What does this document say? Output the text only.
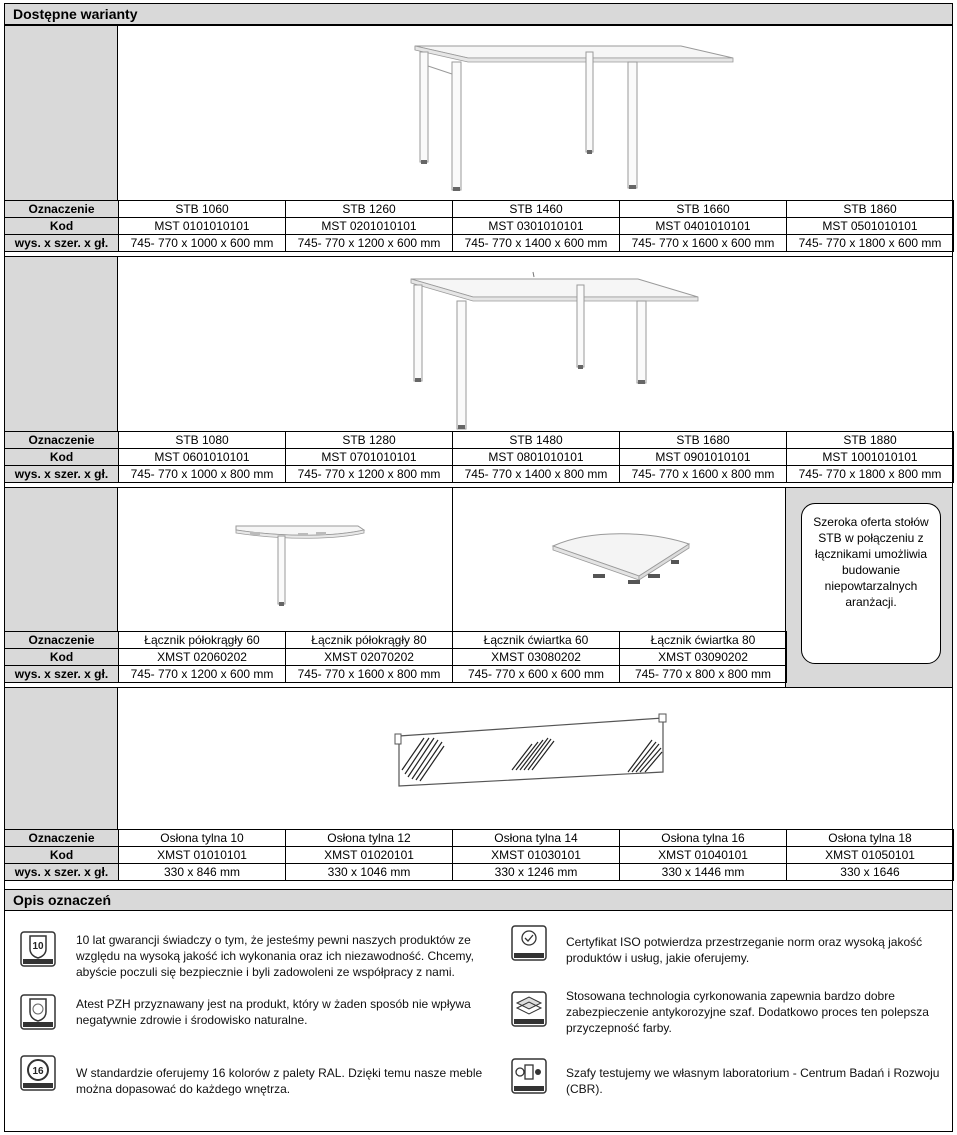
Dostępne warianty
Oznaczenie	STB 1060	STB 1260	STB 1460	STB 1660	STB 1860
Kod	MST 0101010101	MST 0201010101	MST 0301010101	MST 0401010101	MST 0501010101
wys. x szer. x gł.	745- 770 x 1000 x 600 mm	745- 770 x 1200 x 600 mm	745- 770 x 1400 x 600 mm	745- 770 x 1600 x 600 mm	745- 770 x 1800 x 600 mm
Oznaczenie	STB 1080	STB 1280	STB 1480	STB 1680	STB 1880
Kod	MST 0601010101	MST 0701010101	MST 0801010101	MST 0901010101	MST 1001010101
wys. x szer. x gł.	745- 770 x 1000 x 800 mm	745- 770 x 1200 x 800 mm	745- 770 x 1400 x 800 mm	745- 770 x 1600 x 800 mm	745- 770 x 1800 x 800 mm
Szeroka oferta stołów STB w połączeniu z łącznikami umożliwia budowanie niepowtarzalnych aranżacji.
Oznaczenie	Łącznik półokrągły 60	Łącznik półokrągły 80	Łącznik ćwiartka 60	Łącznik ćwiartka 80
Kod	XMST 02060202	XMST 02070202	XMST 03080202	XMST 03090202
wys. x szer. x gł.	745- 770 x 1200 x 600 mm	745- 770 x 1600 x 800 mm	745- 770 x 600 x 600 mm	745- 770 x 800 x 800 mm
Oznaczenie	Osłona tylna 10	Osłona tylna 12	Osłona tylna 14	Osłona tylna 16	Osłona tylna 18
Kod	XMST 01010101	XMST 01020101	XMST 01030101	XMST 01040101	XMST 01050101
wys. x szer. x gł.	330 x 846 mm	330 x 1046 mm	330 x 1246 mm	330 x 1446 mm	330 x 1646
Opis oznaczeń
10	10 lat gwarancji świadczy o tym, że jesteśmy pewni naszych produktów ze względu na wysoką jakość ich wykonania oraz ich niezawodność. Chcemy, abyście poczuli się bezpiecznie i byli zadowoleni ze współpracy z nami.
Atest PZH przyznawany jest na produkt, który w żaden sposób nie wpływa negatywnie zdrowie i środowisko naturalne.
16	W standardzie oferujemy 16 kolorów z palety RAL. Dzięki temu nasze meble można dopasować do każdego wnętrza.
Certyfikat ISO potwierdza przestrzeganie norm oraz wysoką jakość produktów i usług, jakie oferujemy.
Stosowana technologia cyrkonowania zapewnia bardzo dobre zabezpieczenie antykorozyjne szaf. Dodatkowo proces ten polepsza przyczepność farby.
Szafy testujemy we własnym laboratorium - Centrum Badań i Rozwoju (CBR).
